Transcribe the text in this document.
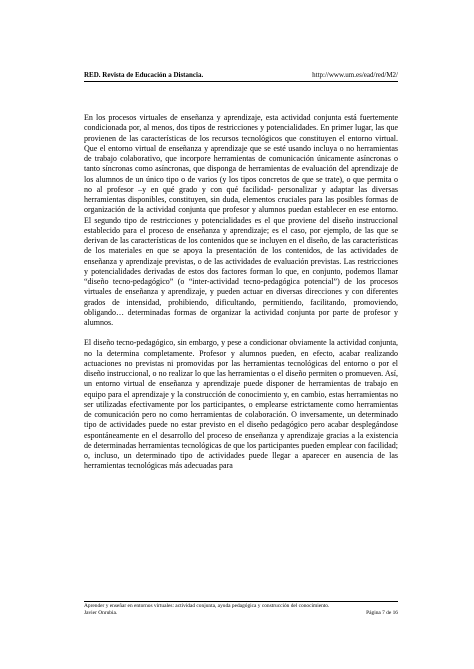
RED. Revista de Educación a Distancia.	http://www.um.es/ead/red/M2/

En los procesos virtuales de enseñanza y aprendizaje, esta actividad conjunta está fuertemente condicionada por, al menos, dos tipos de restricciones y potencialidades. En primer lugar, las que provienen de las características de los recursos tecnológicos que constituyen el entorno virtual. Que el entorno virtual de enseñanza y aprendizaje que se esté usando incluya o no herramientas de trabajo colaborativo, que incorpore herramientas de comunicación únicamente asíncronas o tanto síncronas como asíncronas, que disponga de herramientas de evaluación del aprendizaje de los alumnos de un único tipo o de varios (y los tipos concretos de que se trate), o que permita o no al profesor –y en qué grado y con qué facilidad- personalizar y adaptar las diversas herramientas disponibles, constituyen, sin duda, elementos cruciales para las posibles formas de organización de la actividad conjunta que profesor y alumnos puedan establecer en ese entorno. El segundo tipo de restricciones y potencialidades es el que proviene del diseño instruccional establecido para el proceso de enseñanza y aprendizaje; es el caso, por ejemplo, de las que se derivan de las características de los contenidos que se incluyen en el diseño, de las características de los materiales en que se apoya la presentación de los contenidos, de las actividades de enseñanza y aprendizaje previstas, o de las actividades de evaluación previstas. Las restricciones y potencialidades derivadas de estos dos factores forman lo que, en conjunto, podemos llamar “diseño tecno-pedagógico” (o “inter-actividad tecno-pedagógica potencial”) de los procesos virtuales de enseñanza y aprendizaje, y pueden actuar en diversas direcciones y con diferentes grados de intensidad, prohibiendo, dificultando, permitiendo, facilitando, promoviendo, obligando… determinadas formas de organizar la actividad conjunta por parte de profesor y alumnos.

El diseño tecno-pedagógico, sin embargo, y pese a condicionar obviamente la actividad conjunta, no la determina completamente. Profesor y alumnos pueden, en efecto, acabar realizando actuaciones no previstas ni promovidas por las herramientas tecnológicas del entorno o por el diseño instruccional, o no realizar lo que las herramientas o el diseño permiten o promueven. Así, un entorno virtual de enseñanza y aprendizaje puede disponer de herramientas de trabajo en equipo para el aprendizaje y la construcción de conocimiento y, en cambio, estas herramientas no ser utilizadas efectivamente por los participantes, o emplearse estrictamente como herramientas de comunicación pero no como herramientas de colaboración. O inversamente, un determinado tipo de actividades puede no estar previsto en el diseño pedagógico pero acabar desplegándose espontáneamente en el desarrollo del proceso de enseñanza y aprendizaje gracias a la existencia de determinadas herramientas tecnológicas de que los participantes pueden emplear con facilidad; o, incluso, un determinado tipo de actividades puede llegar a aparecer en ausencia de las herramientas tecnológicas más adecuadas para

Aprender y enseñar en entornos virtuales: actividad conjunta, ayuda pedagógica y construcción del conocimiento.
Javier Onrubia.	Página 7 de 16
